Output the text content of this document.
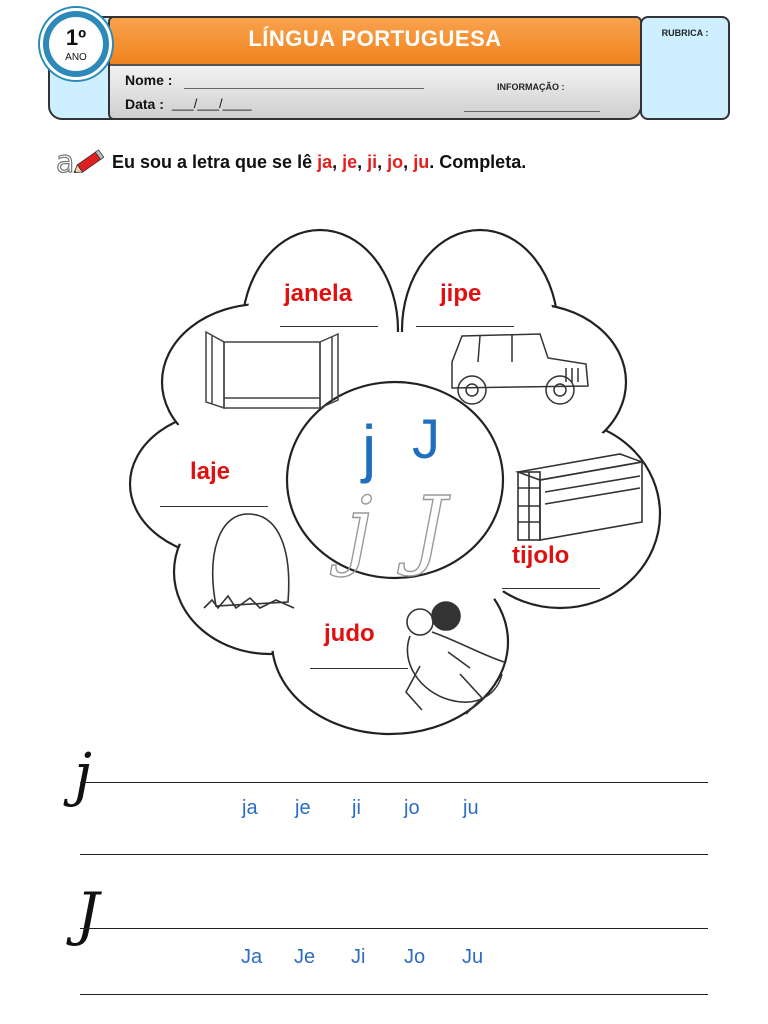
LÍNGUA PORTUGUESA
1º
ANO
RUBRICA :
Nome :
Data : ___/___/____
INFORMAÇÃO :
a Eu sou a letra que se lê ja, je, ji, jo, ju. Completa.
j J
j J
janela	jipe
laje
tijolo
judo
j	ja je ji jo ju
J
Ja Je Ji Jo Ju
